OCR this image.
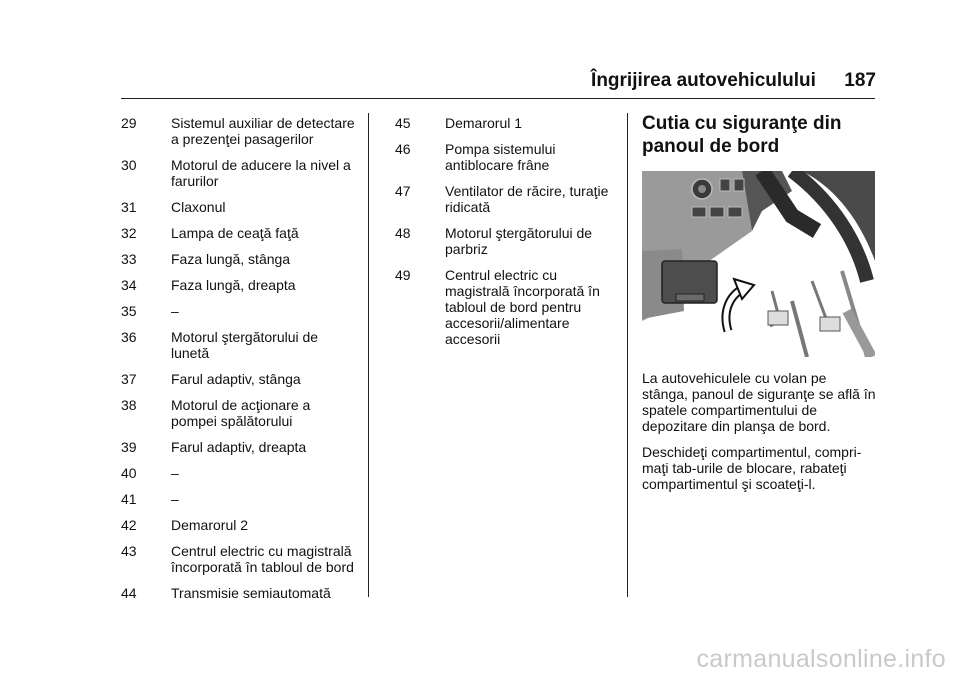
Îngrijirea autovehiculului	187
29	Sistemul auxiliar de detectare a prezenţei pasagerilor
30	Motorul de aducere la nivel a farurilor
31	Claxonul
32	Lampa de ceaţă faţă
33	Faza lungă, stânga
34	Faza lungă, dreapta
35	–
36	Motorul ştergătorului de lunetă
37	Farul adaptiv, stânga
38	Motorul de acţionare a pompei spălătorului
39	Farul adaptiv, dreapta
40	–
41	–
42	Demarorul 2
43	Centrul electric cu magistrală încorporată în tabloul de bord
44	Transmisie semiautomată
45	Demarorul 1
46	Pompa sistemului antiblocare frâne
47	Ventilator de răcire, turaţie ridicată
48	Motorul ştergătorului de parbriz
49	Centrul electric cu magistrală încorporată în tabloul de bord pentru accesorii/alimentare accesorii
Cutia cu siguranţe din panoul de bord
La autovehiculele cu volan pe stânga, panoul de siguranţe se află în spatele compartimentului de depozitare din planşa de bord.
Deschideţi compartimentul, compri-maţi tab-urile de blocare, rabateţi compartimentul şi scoateţi-l.
carmanualsonline.info
